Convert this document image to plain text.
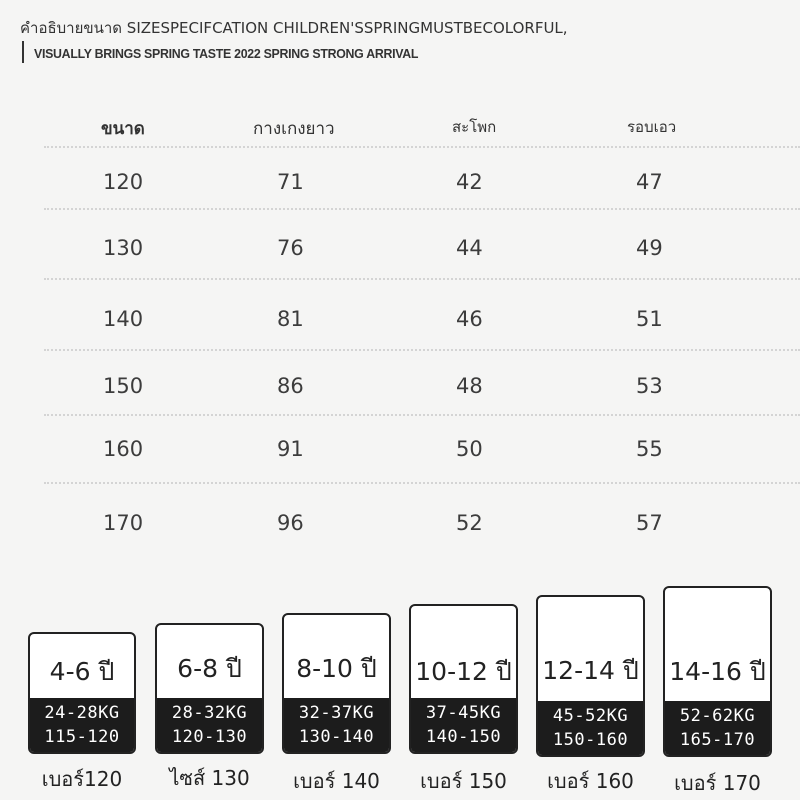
คำอธิบายขนาด SIZESPECIFCATION CHILDREN'SSPRINGMUSTBECOLORFUL,
VISUALLY BRINGS SPRING TASTE 2022 SPRING STRONG ARRIVAL
ขนาด	กางเกงยาว	สะโพก	รอบเอว
120	71	42	47
130	76	44	49
140	81	46	51
150	86	48	53
160	91	50	55
170	96	52	57
4-6 ปี
24-28KG
115-120
เบอร์120
6-8 ปี
28-32KG
120-130
ไซส์ 130
8-10 ปี
32-37KG
130-140
เบอร์ 140
10-12 ปี
37-45KG
140-150
เบอร์ 150
12-14 ปี
45-52KG
150-160
เบอร์ 160
14-16 ปี
52-62KG
165-170
เบอร์ 170
